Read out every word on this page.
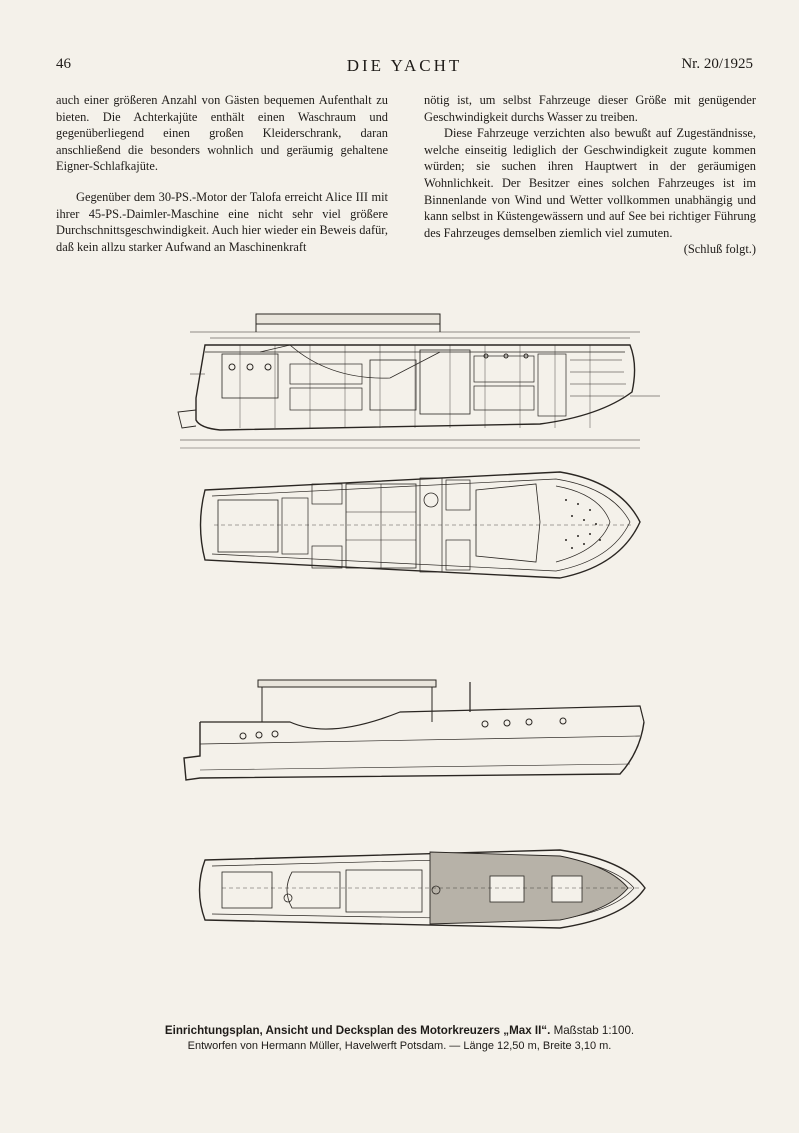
46	DIE YACHT	Nr. 20/1925

auch einer größeren Anzahl von Gästen bequemen Aufenthalt zu bieten. Die Achterkajüte enthält einen Waschraum und gegenüberliegend einen großen Kleiderschrank, daran anschließend die besonders wohnlich und geräumig gehaltene Eigner-Schlafkajüte.

Gegenüber dem 30-PS.-Motor der Talofa erreicht Alice III mit ihrer 45-PS.-Daimler-Maschine eine nicht sehr viel größere Durchschnittsgeschwindigkeit. Auch hier wieder ein Beweis dafür, daß kein allzu starker Aufwand an Maschinenkraft

nötig ist, um selbst Fahrzeuge dieser Größe mit genügender Geschwindigkeit durchs Wasser zu treiben.

Diese Fahrzeuge verzichten also bewußt auf Zugeständnisse, welche einseitig lediglich der Geschwindigkeit zugute kommen würden; sie suchen ihren Hauptwert in der geräumigen Wohnlichkeit. Der Besitzer eines solchen Fahrzeuges ist im Binnenlande von Wind und Wetter vollkommen unabhängig und kann selbst in Küstengewässern und auf See bei richtiger Führung des Fahrzeuges demselben ziemlich viel zumuten.
(Schluß folgt.)

Einrichtungsplan, Ansicht und Decksplan des Motorkreuzers „Max II“. Maßstab 1:100.
Entworfen von Hermann Müller, Havelwerft Potsdam. — Länge 12,50 m, Breite 3,10 m.
